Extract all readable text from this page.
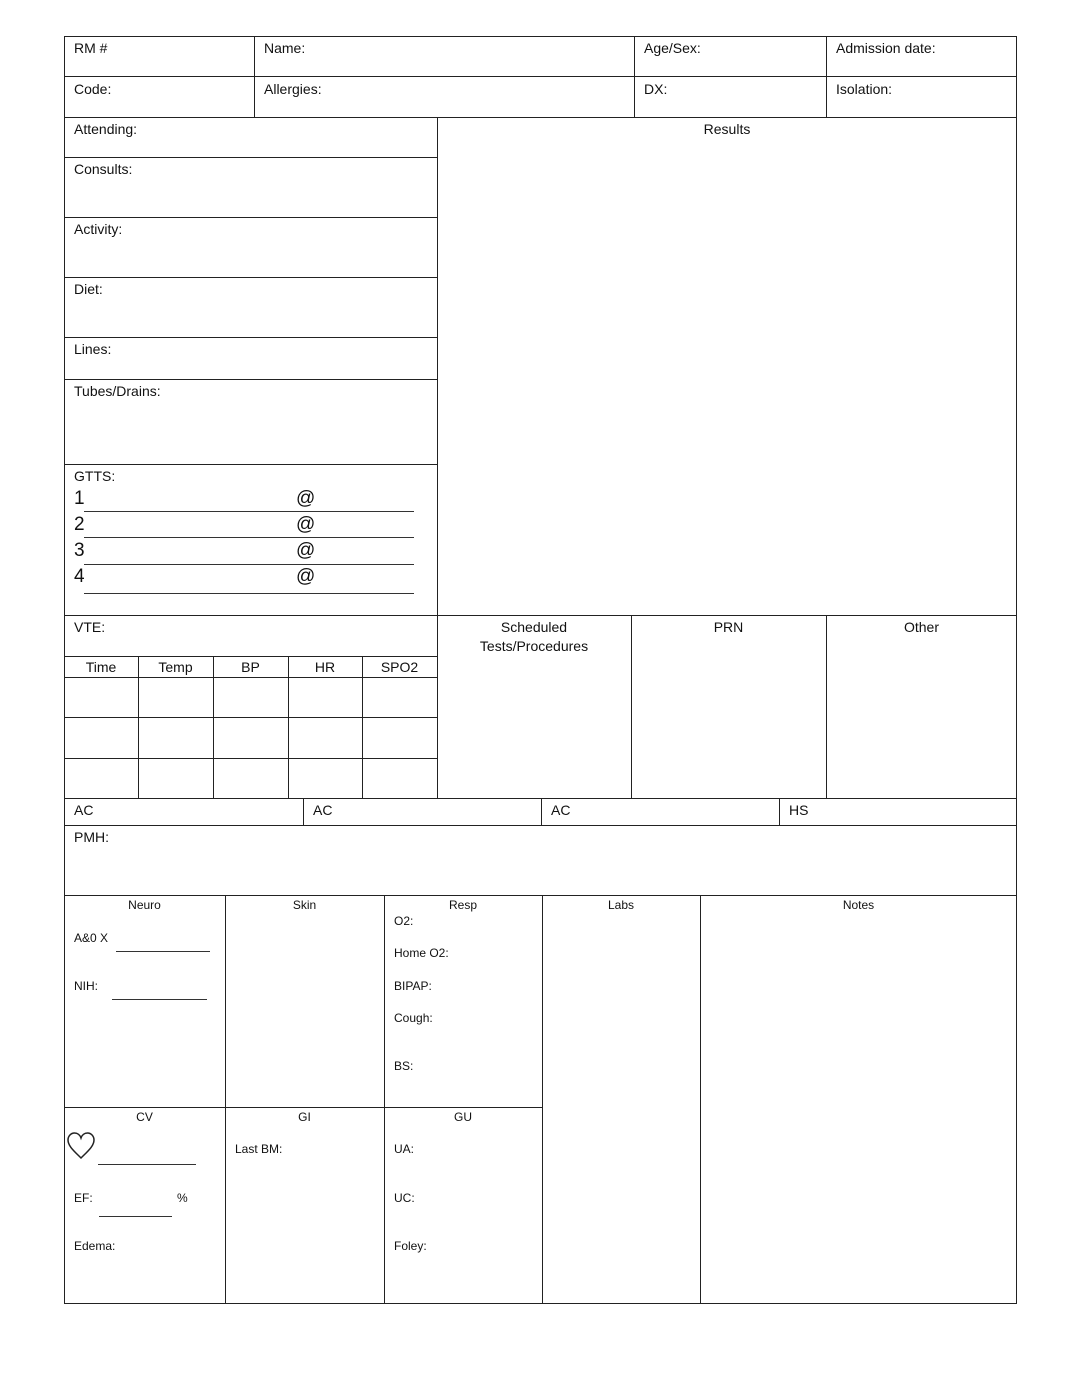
RM #	Name:	Age/Sex:	Admission date:
Code:	Allergies:	DX:	Isolation:
Attending:
Consults:
Activity:
Diet:
Lines:
Tubes/Drains:
GTTS:
1	@
2	@
3	@
4	@
Results
VTE:
Time	Temp	BP	HR	SPO2
Scheduled
Tests/Procedures
PRN	Other
AC	AC	AC	HS
PMH:
Neuro	Skin	Resp	Labs	Notes
A&0 X
NIH:
O2:
Home O2:
BIPAP:
Cough:
BS:
CV
EF:	%
Edema:
GI
Last BM:
GU
UA:
UC:
Foley:
